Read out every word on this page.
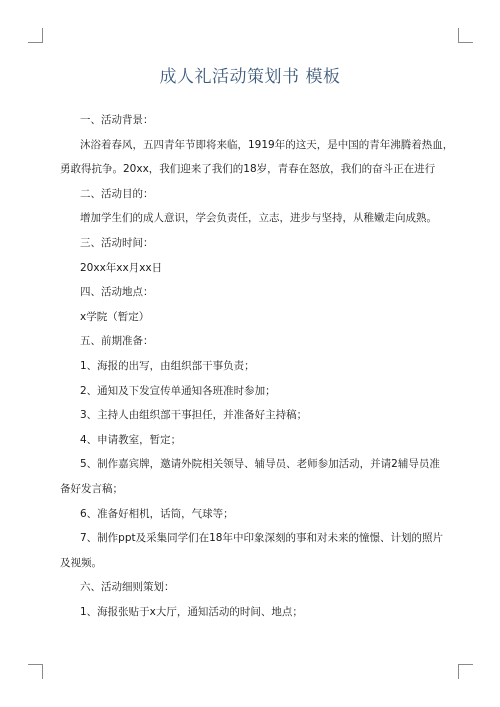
成人礼活动策划书 模板

一、活动背景：

沐浴着春风，五四青年节即将来临，1919年的这天，是中国的青年沸腾着热血，

勇敢得抗争。20xx，我们迎来了我们的18岁，青春在怒放，我们的奋斗正在进行

二、活动目的：

增加学生们的成人意识，学会负责任，立志，进步与坚持，从稚嫩走向成熟。

三、活动时间：

20xx年xx月xx日

四、活动地点：

x学院（暂定）

五、前期准备：

1、海报的出写，由组织部干事负责；

2、通知及下发宣传单通知各班准时参加；

3、主持人由组织部干事担任，并准备好主持稿；

4、申请教室，暂定；

5、制作嘉宾牌，邀请外院相关领导、辅导员、老师参加活动，并请2辅导员准

备好发言稿；

6、准备好相机，话筒，气球等；

7、制作ppt及采集同学们在18年中印象深刻的事和对未来的憧憬、计划的照片

及视频。

六、活动细则策划：

1、海报张贴于x大厅，通知活动的时间、地点；
